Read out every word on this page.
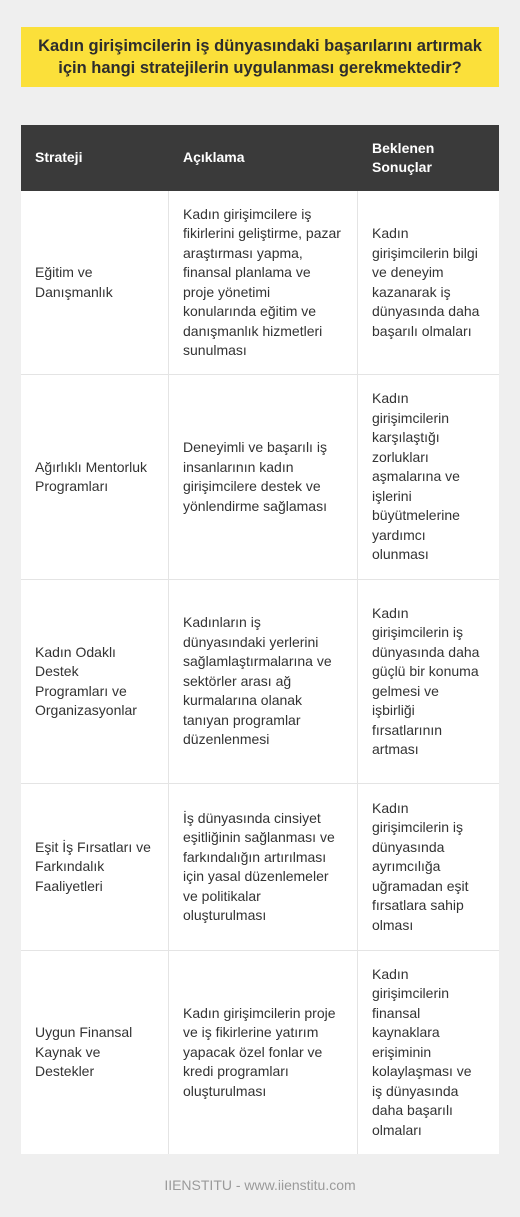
Kadın girişimcilerin iş dünyasındaki başarılarını artırmak için hangi stratejilerin uygulanması gerekmektedir?
Strateji	Açıklama
Beklenen Sonuçlar
Eğitim ve Danışmanlık
Kadın girişimcilere iş fikirlerini geliştirme, pazar araştırması yapma, finansal planlama ve proje yönetimi konularında eğitim ve danışmanlık hizmetleri sunulması
Kadın girişimcilerin bilgi ve deneyim kazanarak iş dünyasında daha başarılı olmaları
Ağırlıklı Mentorluk Programları
Deneyimli ve başarılı iş insanlarının kadın girişimcilere destek ve yönlendirme sağlaması
Kadın girişimcilerin karşılaştığı zorlukları aşmalarına ve işlerini büyütmelerine yardımcı olunması
Kadın Odaklı Destek Programları ve Organizasyonlar
Kadınların iş dünyasındaki yerlerini sağlamlaştırmalarına ve sektörler arası ağ kurmalarına olanak tanıyan programlar düzenlenmesi
Kadın girişimcilerin iş dünyasında daha güçlü bir konuma gelmesi ve işbirliği fırsatlarının artması
Eşit İş Fırsatları ve Farkındalık Faaliyetleri
İş dünyasında cinsiyet eşitliğinin sağlanması ve farkındalığın artırılması için yasal düzenlemeler ve politikalar oluşturulması
Kadın girişimcilerin iş dünyasında ayrımcılığa uğramadan eşit fırsatlara sahip olması
Uygun Finansal Kaynak ve Destekler
Kadın girişimcilerin proje ve iş fikirlerine yatırım yapacak özel fonlar ve kredi programları oluşturulması
Kadın girişimcilerin finansal kaynaklara erişiminin kolaylaşması ve iş dünyasında daha başarılı olmaları
IIENSTITU - www.iienstitu.com
